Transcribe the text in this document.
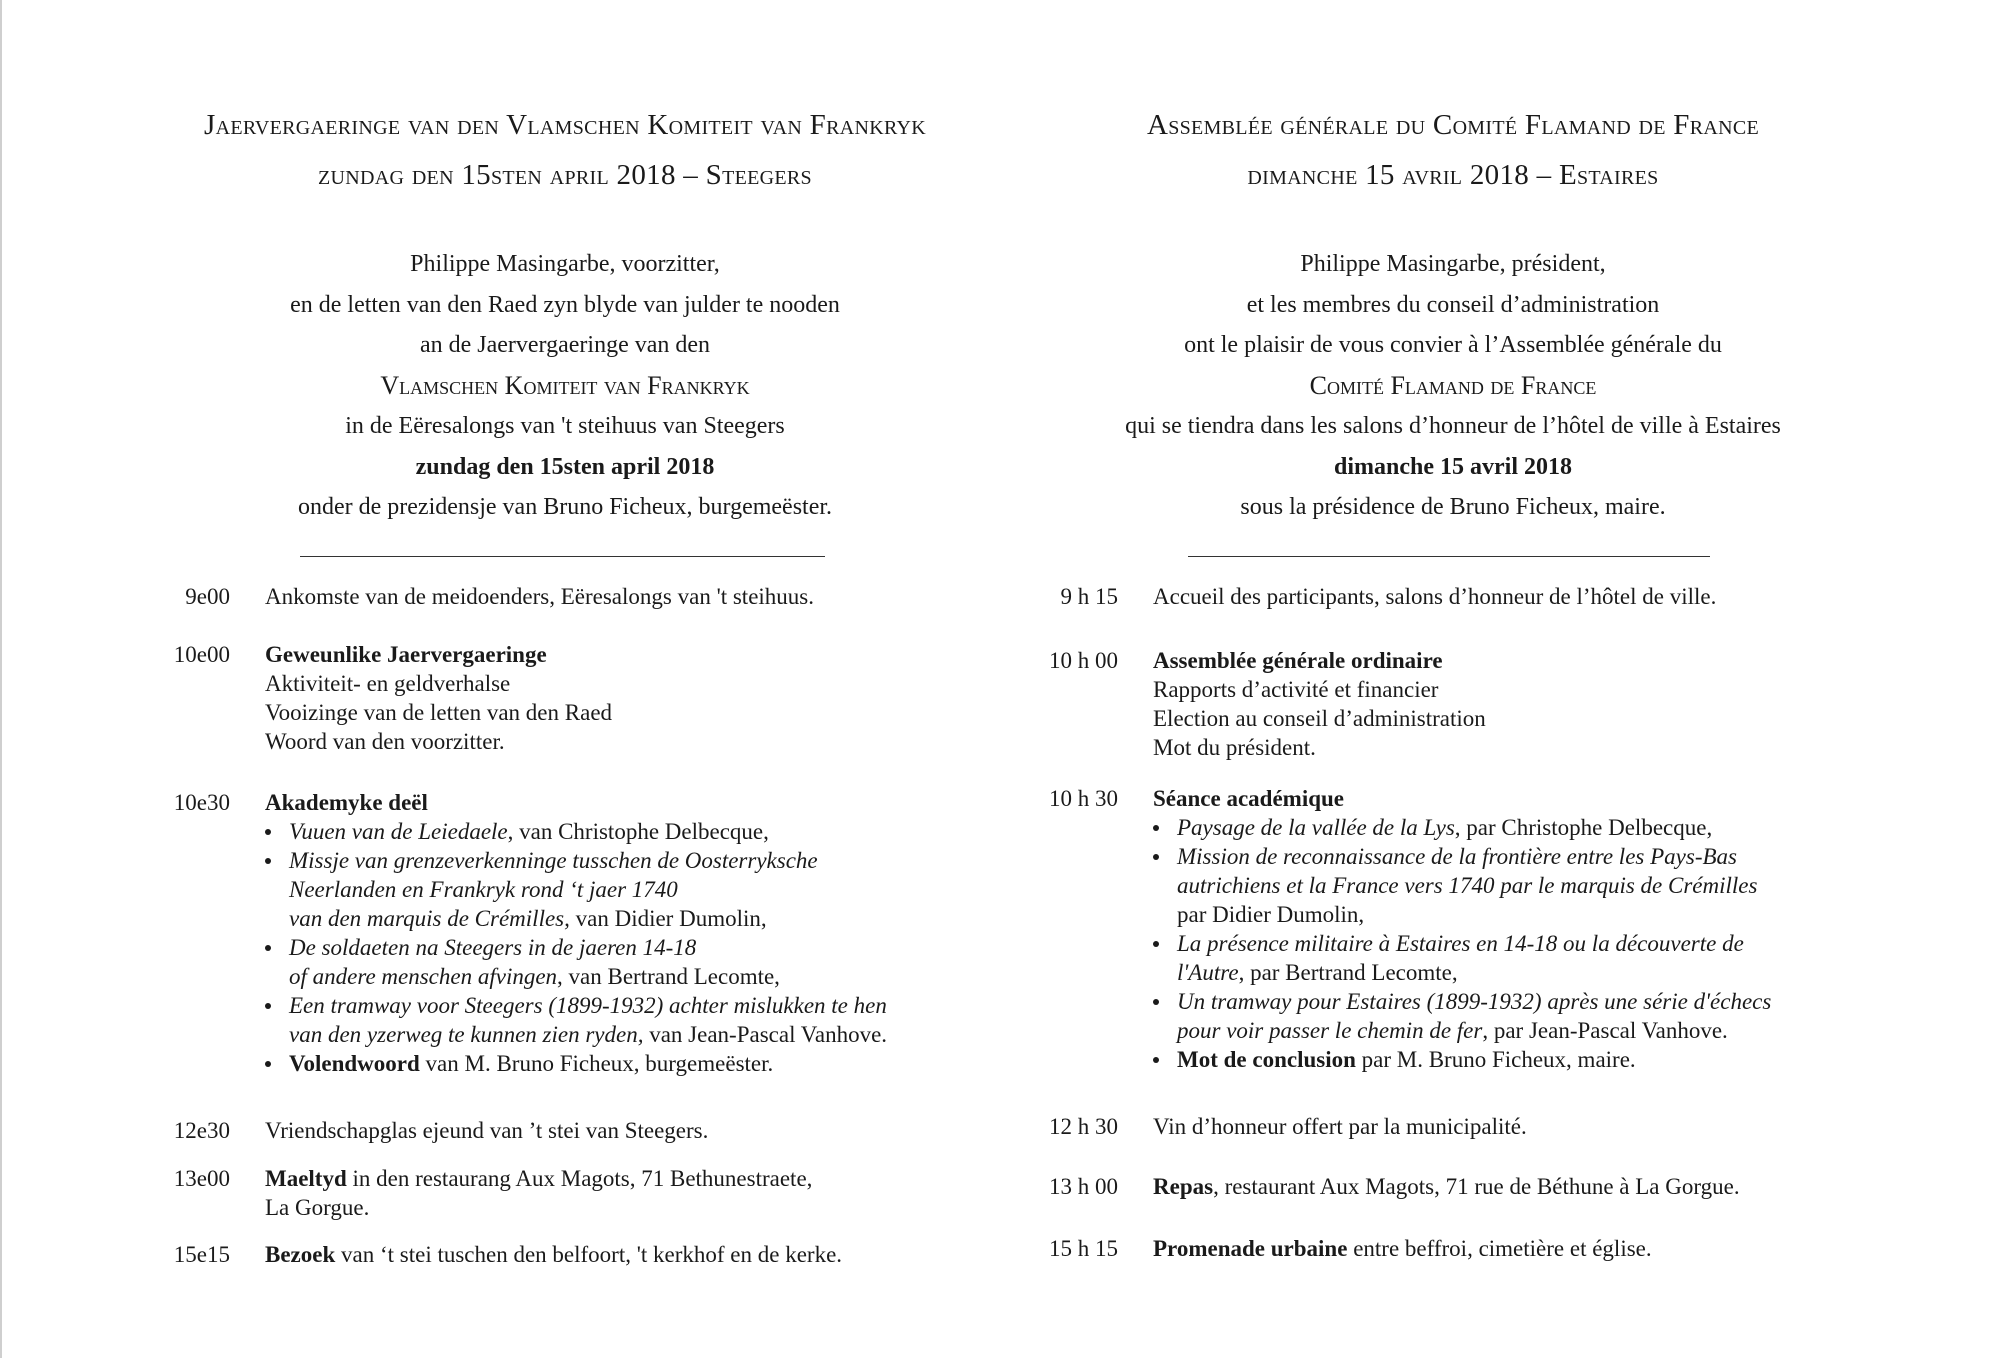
Jaervergaeringe van den Vlamschen Komiteit van Frankryk
zundag den 15sten april 2018 – Steegers
Philippe Masingarbe, voorzitter,
en de letten van den Raed zyn blyde van julder te nooden
an de Jaervergaeringe van den
Vlamschen Komiteit van Frankryk
in de Eëresalongs van 't steihuus van Steegers
zundag den 15sten april 2018
onder de prezidensje van Bruno Ficheux, burgemeëster.
9e00 Ankomste van de meidoenders, Eëresalongs van 't steihuus.
10e00 Geweunlike Jaervergaeringe
Aktiviteit- en geldverhalse
Vooizinge van de letten van den Raed
Woord van den voorzitter.
10e30 Akademyke deël
Vuuen van de Leiedaele, van Christophe Delbecque,
Missje van grenzeverkenninge tusschen de Oosterryksche
Neerlanden en Frankryk rond ‘t jaer 1740
van den marquis de Crémilles, van Didier Dumolin,
De soldaeten na Steegers in de jaeren 14-18
of andere menschen afvingen, van Bertrand Lecomte,
Een tramway voor Steegers (1899-1932) achter mislukken te hen
van den yzerweg te kunnen zien ryden, van Jean-Pascal Vanhove.
Volendwoord van M. Bruno Ficheux, burgemeëster.
12e30 Vriendschapglas ejeund van ’t stei van Steegers.
13e00 Maeltyd in den restaurang Aux Magots, 71 Bethunestraete,
La Gorgue.
15e15 Bezoek van ‘t stei tuschen den belfoort, 't kerkhof en de kerke.
Assemblée générale du Comité Flamand de France
dimanche 15 avril 2018 – Estaires
Philippe Masingarbe, président,
et les membres du conseil d’administration
ont le plaisir de vous convier à l’Assemblée générale du
Comité Flamand de France
qui se tiendra dans les salons d’honneur de l’hôtel de ville à Estaires
dimanche 15 avril 2018
sous la présidence de Bruno Ficheux, maire.
9 h 15 Accueil des participants, salons d’honneur de l’hôtel de ville.
10 h 00 Assemblée générale ordinaire
Rapports d’activité et financier
Election au conseil d’administration
Mot du président.
10 h 30 Séance académique
Paysage de la vallée de la Lys, par Christophe Delbecque,
Mission de reconnaissance de la frontière entre les Pays-Bas
autrichiens et la France vers 1740 par le marquis de Crémilles
par Didier Dumolin,
La présence militaire à Estaires en 14-18 ou la découverte de
l'Autre, par Bertrand Lecomte,
Un tramway pour Estaires (1899-1932) après une série d'échecs
pour voir passer le chemin de fer, par Jean-Pascal Vanhove.
Mot de conclusion par M. Bruno Ficheux, maire.
12 h 30 Vin d’honneur offert par la municipalité.
13 h 00 Repas, restaurant Aux Magots, 71 rue de Béthune à La Gorgue.
15 h 15 Promenade urbaine entre beffroi, cimetière et église.
